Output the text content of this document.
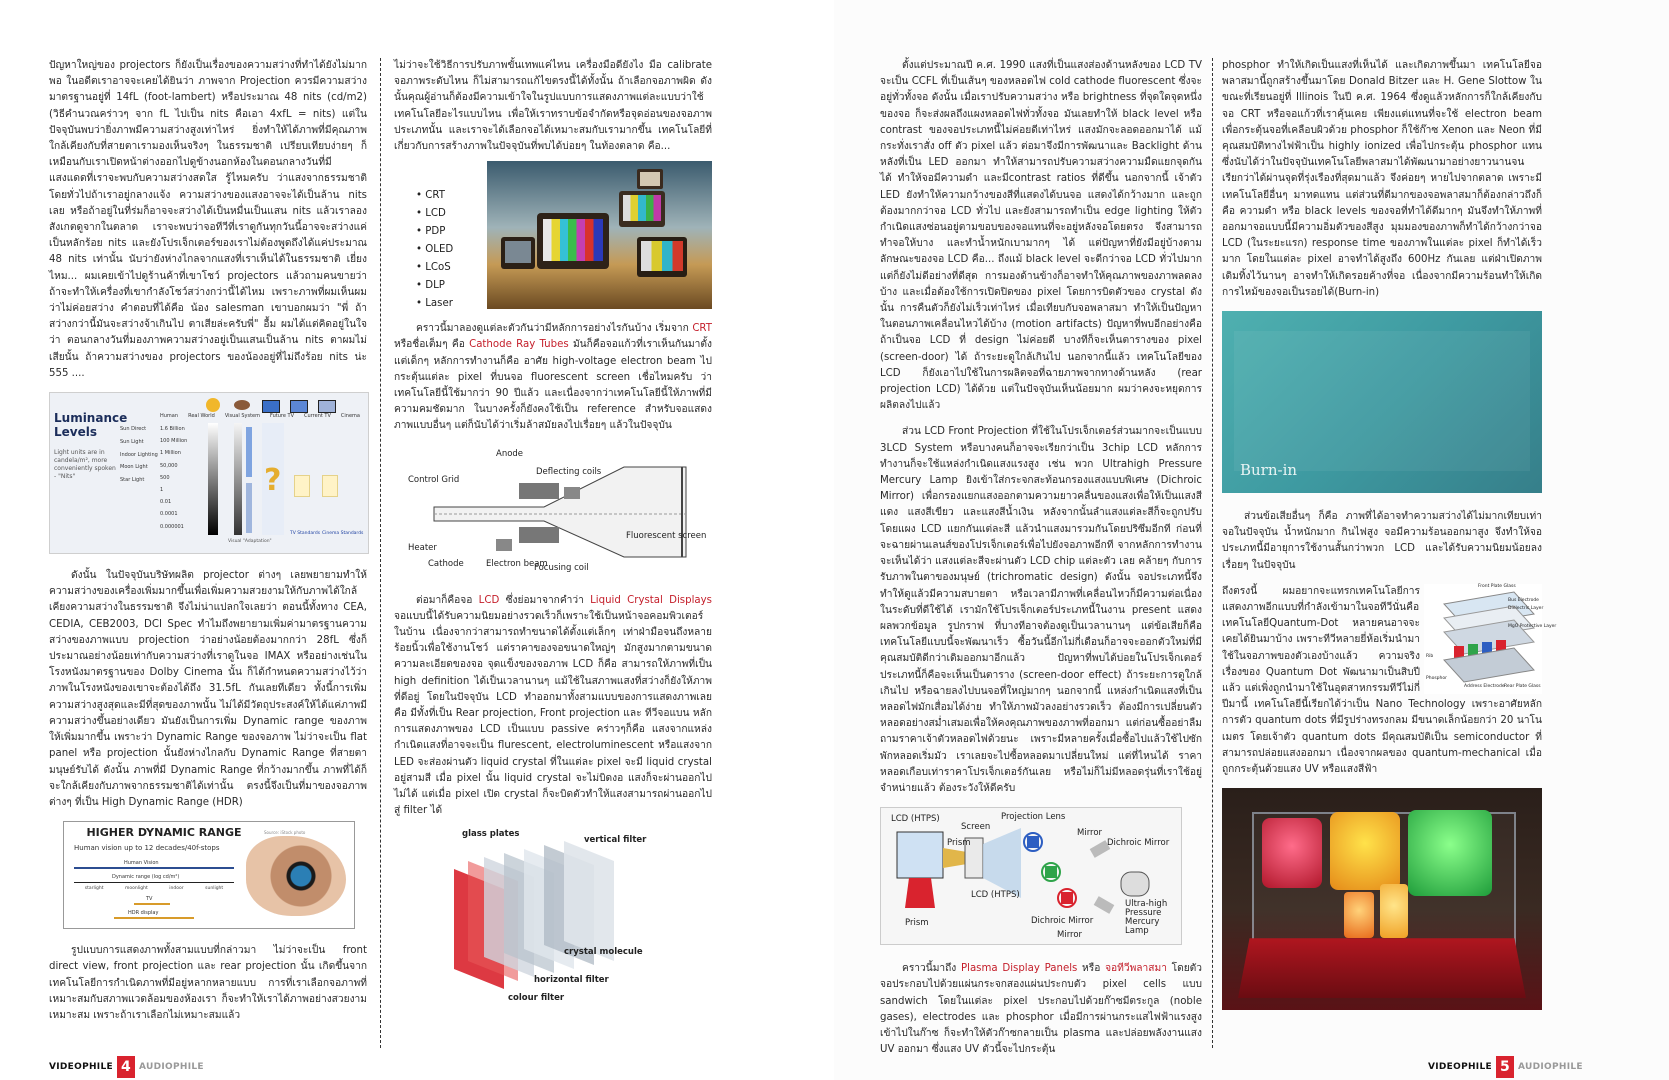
ปัญหาใหญ่ของ projectors ก็ยังเป็นเรื่องของความสว่างที่ทำได้ยังไม่มากพอ ในอดีตเราอาจจะเคยได้ยินว่า ภาพจาก Projection ควรมีความสว่างมาตรฐานอยู่ที่ 14fL (foot-lambert) หรือประมาณ 48 nits (cd/m2) (วิธีคำนวณคร่าวๆ จาก fL ไปเป็น nits คือเอา 4xfL = nits) แต่ในปัจจุบันพบว่ายิ่งภาพมีความสว่างสูงเท่าไหร่ ยิ่งทำให้ได้ภาพที่มีคุณภาพใกล้เคียงกับที่สายตาเรามองเห็นจริงๆ ในธรรมชาติ เปรียบเทียบง่ายๆ ก็เหมือนกับเราเปิดหน้าต่างออกไปดูข้างนอกห้องในตอนกลางวันที่มีแสงแดดที่เราจะพบกับความสว่างสดใส รู้ไหมครับ ว่าแสงจากธรรมชาติโดยทั่วไปถ้าเราอยู่กลางแจ้ง ความสว่างของแสงอาจจะได้เป็นล้าน nits เลย หรือถ้าอยู่ในที่ร่มก็อาจจะสว่างได้เป็นหมื่นเป็นแสน nits แล้วเราลองสังเกตดูจากในตลาด เราจะพบว่าจอทีวีที่เราดูกันทุกวันนี้อาจจะสว่างแค่เป็นหลักร้อย nits และยังโปรเจ็กเตอร์ของเราไม่ต้องพูดถึงได้แค่ประมาณ 48 nits เท่านั้น นับว่ายังห่างไกลจากแสงที่เราเห็นได้ในธรรมชาติ เยี่ยงไหม... ผมเคยเข้าไปดูร้านค้าที่เขาโชว์ projectors แล้วถามคนขายว่า ถ้าจะทำให้เครื่องที่เขากำลังโชว์สว่างกว่านี้ได้ไหม เพราะภาพที่ผมเห็นผมว่าไม่ค่อยสว่าง คำตอบที่ได้คือ น้อง salesman เขาบอกผมว่า "พี่ ถ้าสว่างกว่านี้มันจะสว่างจ้าเกินไป ตาเสียล่ะครับพี่" อื้ม ผมได้แต่คิดอยู่ในใจว่า ตอนกลางวันที่มองภาพความสว่างอยู่เป็นแสนเป็นล้าน nits ตาผมไม่เสียนั้น ถ้าความสว่างของ projectors ของน้องอยู่ที่ไม่ถึงร้อย nits น่ะ 555 ....

Luminance Levels
Light units are in candela/m², more conveniently spoken - "Nits"
Human Real World Visual System Future TV Current TV Cinema
Sun Direct
Sun Light
Indoor Lighting
Moon Light
Star Light
1.6 Billion
100 Million
1 Million
50,000
500
1
0.01
0.0001
0.000001
?
TV Standards Cinema Standards
Visual "Adaptation"

ดังนั้น ในปัจจุบันบริษัทผลิต projector ต่างๆ เลยพยายามทำให้ความสว่างของเครื่องเพิ่มมากขึ้นเพื่อเพิ่มความสวยงามให้กับภาพได้ใกล้เคียงความสว่างในธรรมชาติ จึงไม่น่าแปลกใจเลยว่า ตอนนี้ทั้งทาง CEA, CEDIA, CEB2003, DCI Spec ทำไมถึงพยายามเพิ่มค่ามาตรฐานความสว่างของภาพแบบ projection ว่าอย่างน้อยต้องมากกว่า 28fL ซึ่งก็ประมาณอย่างน้อยเท่ากับความสว่างที่เราดูในจอ IMAX หรืออย่างเช่นในโรงหนังมาตรฐานของ Dolby Cinema นั้น ก็ได้กำหนดความสว่างไว้ว่าภาพในโรงหนังของเขาจะต้องได้ถึง 31.5fL กันเลยทีเดียว ทั้งนี้การเพิ่มความสว่างสูงสุดและมีที่สุดของภาพนั้น ไม่ได้มีวัตถุประสงค์ให้ได้แค่ภาพมีความสว่างขึ้นอย่างเดียว มันยังเป็นการเพิ่ม Dynamic range ของภาพให้เพิ่มมากขึ้น เพราะว่า Dynamic Range ของจอภาพ ไม่ว่าจะเป็น flat panel หรือ projection นั้นยังห่างไกลกับ Dynamic Range ที่สายตามนุษย์รับได้ ดังนั้น ภาพที่มี Dynamic Range ที่กว้างมากขึ้น ภาพที่ได้ก็จะใกล้เคียงกับภาพจากธรรมชาติได้เท่านั้น ตรงนี้จึงเป็นที่มาของจอภาพต่างๆ ที่เป็น High Dynamic Range (HDR)

HIGHER DYNAMIC RANGE
Human vision up to 12 decades/40f-stops
Human Vision
Dynamic range (log cd/m²)
starlight	moonlight	indoor	sunlight
TV
HDR display
Source: iStock photo

รูปแบบการแสดงภาพทั้งสามแบบที่กล่าวมา ไม่ว่าจะเป็น front direct view, front projection และ rear projection นั้น เกิดขึ้นจากเทคโนโลยีการกำเนิดภาพที่มีอยู่หลากหลายแบบ การที่เราเลือกจอภาพที่เหมาะสมกับสภาพแวดล้อมของห้องเรา ก็จะทำให้เราได้ภาพอย่างสวยงามเหมาะสม เพราะถ้าเราเลือกไม่เหมาะสมแล้ว

ไม่ว่าจะใช้วิธีการปรับภาพขั้นเทพแค่ไหน เครื่องมือดียังไง มือ calibrate จอภาพระดับไหน ก็ไม่สามารถแก้ไขตรงนี้ได้ทั้งนั้น ถ้าเลือกจอภาพผิด ดังนั้นคุณผู้อ่านก็ต้องมีความเข้าใจในรูปแบบการแสดงภาพแต่ละแบบว่าใช้เทคโนโลยีอะไรแบบไหน เพื่อให้เราทราบข้อจำกัดหรือจุดอ่อนของจอภาพประเภทนั้น และเราจะได้เลือกจอได้เหมาะสมกับเรามากขึ้น เทคโนโลยีที่เกี่ยวกับการสร้างภาพในปัจจุบันที่พบได้บ่อยๆ ในท้องตลาด คือ...

• CRT
• LCD
• PDP
• OLED
• LCoS
• DLP
• Laser

คราวนี้มาลองดูแต่ละตัวกันว่ามีหลักการอย่างไรกันบ้าง เริ่มจาก CRT หรือชื่อเต็มๆ คือ Cathode Ray Tubes มันก็คือจอแก้วที่เราเห็นกันมาตั้งแต่เด็กๆ หลักการทำงานก็คือ อาศัย high-voltage electron beam ไปกระตุ้นแต่ละ pixel ที่บนจอ fluorescent screen เชื่อไหมครับ ว่าเทคโนโลยีนี้ใช้มากว่า 90 ปีแล้ว และเนื่องจากว่าเทคโนโลยีนี้ให้ภาพที่มีความคมชัดมาก ในบางครั้งก็ยังคงใช้เป็น reference สำหรับจอแสดงภาพแบบอื่นๆ แต่ก็นับได้ว่าเริ่มล้าสมัยลงไปเรื่อยๆ แล้วในปัจจุบัน

Anode
Control Grid
Deflecting coils
Heater
Cathode	Electron beam
Focusing coil
Fluorescent screen

ต่อมาก็คือจอ LCD ซึ่งย่อมาจากคำว่า Liquid Crystal Displays จอแบบนี้ได้รับความนิยมอย่างรวดเร็วก็เพราะใช้เป็นหน้าจอคอมพิวเตอร์ในบ้าน เนื่องจากว่าสามารถทำขนาดได้ตั้งแต่เล็กๆ เท่าฝ่ามือจนถึงหลายร้อยนิ้วเพื่อใช้งานโชว์ แต่ราคาของจอขนาดใหญ่ๆ มักสูงมากตามขนาดความละเอียดของจอ จุดแข็งของจอภาพ LCD ก็คือ สามารถให้ภาพที่เป็น high definition ได้เป็นเวลานานๆ แม้ใช้ในสภาพแสงที่สว่างก็ยังให้ภาพที่ดีอยู่ โดยในปัจจุบัน LCD ทำออกมาทั้งสามแบบของการแสดงภาพเลยคือ มีทั้งที่เป็น Rear projection, Front projection และ ทีวีจอแบน หลักการแสดงภาพของ LCD เป็นแบบ passive คร่าวๆก็คือ แสงจากแหล่งกำเนิดแสงที่อาจจะเป็น flurescent, electroluminescent หรือแสงจาก LED จะส่องผ่านตัว liquid crystal ที่ในแต่ละ pixel จะมี liquid crystal อยู่สามสี เมื่อ pixel นั้น liquid crystal จะไม่บิดงอ แสงก็จะผ่านออกไปไม่ได้ แต่เมื่อ pixel เปิด crystal ก็จะบิดตัวทำให้แสงสามารถผ่านออกไปสู่ filter ได้

glass plates
vertical filter
crystal molecule
horizontal filter
colour filter
VIDEOPHILE 4 AUDIOPHILE

ตั้งแต่ประมาณปี ค.ศ. 1990 แสงที่เป็นแสงส่องด้านหลังของ LCD TV จะเป็น CCFL ที่เป็นเส้นๆ ของหลอดไฟ cold cathode fluorescent ซึ่งจะอยู่ทั่วทั้งจอ ดังนั้น เมื่อเราปรับความสว่าง หรือ brightness ที่จุดใดจุดหนึ่งของจอ ก็จะส่งผลถึงแผงหลอดไฟทั่วทั้งจอ มันเลยทำให้ black level หรือ contrast ของจอประเภทนี้ไม่ค่อยดีเท่าไหร่ แสงมักจะลอดออกมาได้ แม้กระทั่งเราสั่ง off ตัว pixel แล้ว ต่อมาจึงมีการพัฒนาและ Backlight ด้านหลังที่เป็น LED ออกมา ทำให้สามารถปรับความสว่างความมืดแยกจุดกันได้ ทำให้จอมีความดำ และมีcontrast ratios ที่ดีขึ้น นอกจากนี้ เจ้าตัว LED ยังทำให้ความกว้างของสีที่แสดงได้บนจอ แสดงได้กว้างมาก และถูกต้องมากกว่าจอ LCD ทั่วไป และยังสามารถทำเป็น edge lighting ให้ตัวกำเนิดแสงซ่อนอยู่ตามขอบของจอแทนที่จะอยู่หลังจอโดยตรง จึงสามารถทำจอให้บาง และทำน้ำหนักเบามากๆ ได้ แต่ปัญหาที่ยังมีอยู่บ้างตามลักษณะของจอ LCD คือ... ถึงแม้ black level จะดีกว่าจอ LCD ทั่วไปมาก แต่ก็ยังไม่ดีอย่างที่ดีสุด การมองด้านข้างก็อาจทำให้คุณภาพของภาพลดลงบ้าง และเมื่อต้องใช้การเปิดปิดของ pixel โดยการบิดตัวของ crystal ดังนั้น การคืนตัวก็ยังไม่เร็วเท่าไหร่ เมื่อเทียบกับจอพลาสมา ทำให้เป็นปัญหาในตอนภาพเคลื่อนไหวได้บ้าง (motion artifacts) ปัญหาที่พบอีกอย่างคือ ถ้าเป็นจอ LCD ที่ design ไม่ค่อยดี บางทีก็จะเห็นตารางของ pixel (screen-door) ได้ ถ้าระยะดูใกล้เกินไป นอกจากนี้แล้ว เทคโนโลยีของ LCD ก็ยังเอาไปใช้ในการผลิตจอที่ฉายภาพจากทางด้านหลัง (rear projection LCD) ได้ด้วย แต่ในปัจจุบันเห็นน้อยมาก ผมว่าคงจะหยุดการผลิตลงไปแล้ว

ส่วน LCD Front Projection ที่ใช้ในโปรเจ็กเตอร์ส่วนมากจะเป็นแบบ 3LCD System หรือบางคนก็อาจจะเรียกว่าเป็น 3chip LCD หลักการทำงานก็จะใช้แหล่งกำเนิดแสงแรงสูง เช่น พวก Ultrahigh Pressure Mercury Lamp ยิงเข้าใส่กระจกสะท้อนกรองแสงแบบพิเศษ (Dichroic Mirror) เพื่อกรองแยกแสงออกตามความยาวคลื่นของแสงเพื่อให้เป็นแสงสีแดง แสงสีเขียว และแสงสีน้ำเงิน หลังจากนั้นลำแสงแต่ละสีก็จะถูกปรับ โดยแผง LCD แยกกันแต่ละสี แล้วนำแสงมารวมกันโดยปริซึมอีกที ก่อนที่จะฉายผ่านเลนส์ของโปรเจ็กเตอร์เพื่อไปยังจอภาพอีกที จากหลักการทำงานจะเห็นได้ว่า แสงแต่ละสีจะผ่านตัว LCD chip แต่ละตัว เลย คล้ายๆ กับการรับภาพในตาของมนุษย์ (trichromatic design) ดังนั้น จอประเภทนี้จึงทำให้ดูแล้วมีความสบายตา หรือเวลามีภาพที่เคลื่อนไหวก็มีความต่อเนื่องในระดับที่ดีใช้ได้ เรามักใช้โปรเจ็กเตอร์ประเภทนี้ในงาน present แสดงผลพวกข้อมูล รูปกราฟ ที่บางทีอาจต้องดูเป็นเวลานานๆ แต่ข้อเสียก็คือ เทคโนโลยีแบบนี้จะพัฒนาเร็ว ซื้อวันนี้อีกไม่กี่เดือนก็อาจจะออกตัวใหม่ที่มีคุณสมบัติดีกว่าเดิมออกมาอีกแล้ว ปัญหาที่พบได้บ่อยในโปรเจ็กเตอร์ประเภทนี้ก็คือจะเห็นเป็นตาราง (screen-door effect) ถ้าระยะการดูใกล้เกินไป หรือฉายลงไปบนจอที่ใหญ่มากๆ นอกจากนี้ แหล่งกำเนิดแสงที่เป็นหลอดไฟมักเสื่อมได้ง่าย ทำให้ภาพมัวลงอย่างรวดเร็ว ต้องมีการเปลี่ยนตัวหลอดอย่างสม่ำเสมอเพื่อให้คงคุณภาพของภาพที่ออกมา แต่ก่อนซื้ออย่าลืมถามราคาเจ้าตัวหลอดไฟด้วยนะ เพราะมีหลายครั้งเมื่อซื้อไปแล้วใช้ไปซักพักหลอดเริ่มมัว เราเลยจะไปซื้อหลอดมาเปลี่ยนใหม่ แต่ที่ไหนได้ ราคาหลอดเกือบเท่าราคาโปรเจ็กเตอร์กันเลย หรือไม่ก็ไม่มีหลอดรุ่นที่เราใช้อยู่จำหน่ายแล้ว ต้องระวังให้ดีครับ

LCD (HTPS)
Screen
Projection Lens
Mirror
Dichroic Mirror
LCD (HTPS)
Ultra-high Pressure Mercury Lamp
Dichroic Mirror
Mirror
Prism
Prism

คราวนี้มาถึง Plasma Display Panels หรือ จอทีวีพลาสมา โดยตัวจอประกอบไปด้วยแผ่นกระจกสองแผ่นประกบตัว pixel cells แบบ sandwich โดยในแต่ละ pixel ประกอบไปด้วยก๊าซมีตระกูล (noble gases), electrodes และ phosphor เมื่อมีการผ่านกระแสไฟฟ้าแรงสูงเข้าไปในก๊าซ ก็จะทำให้ตัวก๊าซกลายเป็น plasma และปล่อยพลังงานแสง UV ออกมา ซึ่งแสง UV ตัวนี้จะไปกระตุ้น

phosphor ทำให้เกิดเป็นแสงที่เห็นได้ และเกิดภาพขึ้นมา เทคโนโลยีจอพลาสมานี้ถูกสร้างขึ้นมาโดย Donald Bitzer และ H. Gene Slottow ในขณะที่เรียนอยู่ที่ Illinois ในปี ค.ศ. 1964 ซึ่งดูแล้วหลักการก็ใกล้เคียงกับจอ CRT หรือจอแก้วที่เราคุ้นเคย เพียงแต่แทนที่จะใช้ electron beam เพื่อกระตุ้นจอที่เคลือบผิวด้วย phosphor ก็ใช้ก๊าซ Xenon และ Neon ที่มีคุณสมบัติทางไฟฟ้าเป็น highly ionized เพื่อไปกระตุ้น phosphor แทน ซึ่งนับได้ว่าในปัจจุบันเทคโนโลยีพลาสมาได้พัฒนามาอย่างยาวนานจนเรียกว่าได้ผ่านจุดที่รุ่งเรืองที่สุดมาแล้ว จึงค่อยๆ หายไปจากตลาด เพราะมีเทคโนโลยีอื่นๆ มาทดแทน แต่ส่วนที่ดีมากของจอพลาสมาก็ต้องกล่าวถึงก็คือ ความดำ หรือ black levels ของจอที่ทำได้ดีมากๆ มันจึงทำให้ภาพที่ออกมาจอแบบนี้มีความอิ่มตัวของสีสูง มุมมองของภาพก็ทำได้กว้างกว่าจอ LCD (ในระยะแรก) response time ของภาพในแต่ละ pixel ก็ทำได้เร็วมาก โดยในแต่ละ pixel อาจทำได้สูงถึง 600Hz กันเลย แต่ฝ่าเปิดภาพเดิมทิ้งไว้นานๆ อาจทำให้เกิดรอยค้างที่จอ เนื่องจากมีความร้อนทำให้เกิดการไหม้ของจอเป็นรอยได้(Burn-in)

Burn-in

ส่วนข้อเสียอื่นๆ ก็คือ ภาพที่ได้อาจทำความสว่างได้ไม่มากเทียบเท่าจอในปัจจุบัน น้ำหนักมาก กินไฟสูง จอมีความร้อนออกมาสูง จึงทำให้จอประเภทนี้มีอายุการใช้งานสั้นกว่าพวก LCD และได้รับความนิยมน้อยลงเรื่อยๆ ในปัจจุบัน

Front Plate Glass
Bus Electrode
Dielectric Layer
MgO Protective Layer
Phosphor
Rear Plate Glass
Address Electrode
Rib

ถึงตรงนี้ ผมอยากจะแทรกเทคโนโลยีการแสดงภาพอีกแบบที่กำลังเข้ามาในจอทีวีนั่นคือ เทคโนโลยีQuantum-Dot หลายคนอาจจะเคยได้ยินมาบ้าง เพราะทีวีหลายยี่ห้อเริ่มนำมาใช้ในจอภาพของตัวเองบ้างแล้ว ความจริงเรื่องของ Quantum Dot พัฒนามาเป็นสิบปีแล้ว แต่เพิ่งถูกนำมาใช้ในอุตสาหกรรมทีวีไม่กี่ปีมานี้ เทคโนโลยีนี้เรียกได้ว่าเป็น Nano Technology เพราะอาศัยหลักการตัว quantum dots ที่มีรูปร่างทรงกลม มีขนาดเล็กน้อยกว่า 20 นาโนเมตร โดยเจ้าตัว quantum dots มีคุณสมบัติเป็น semiconductor ที่สามารถปล่อยแสงออกมา เนื่องจากผลของ quantum-mechanical เมื่อถูกกระตุ้นด้วยแสง UV หรือแสงสีฟ้า

VIDEOPHILE 5 AUDIOPHILE
